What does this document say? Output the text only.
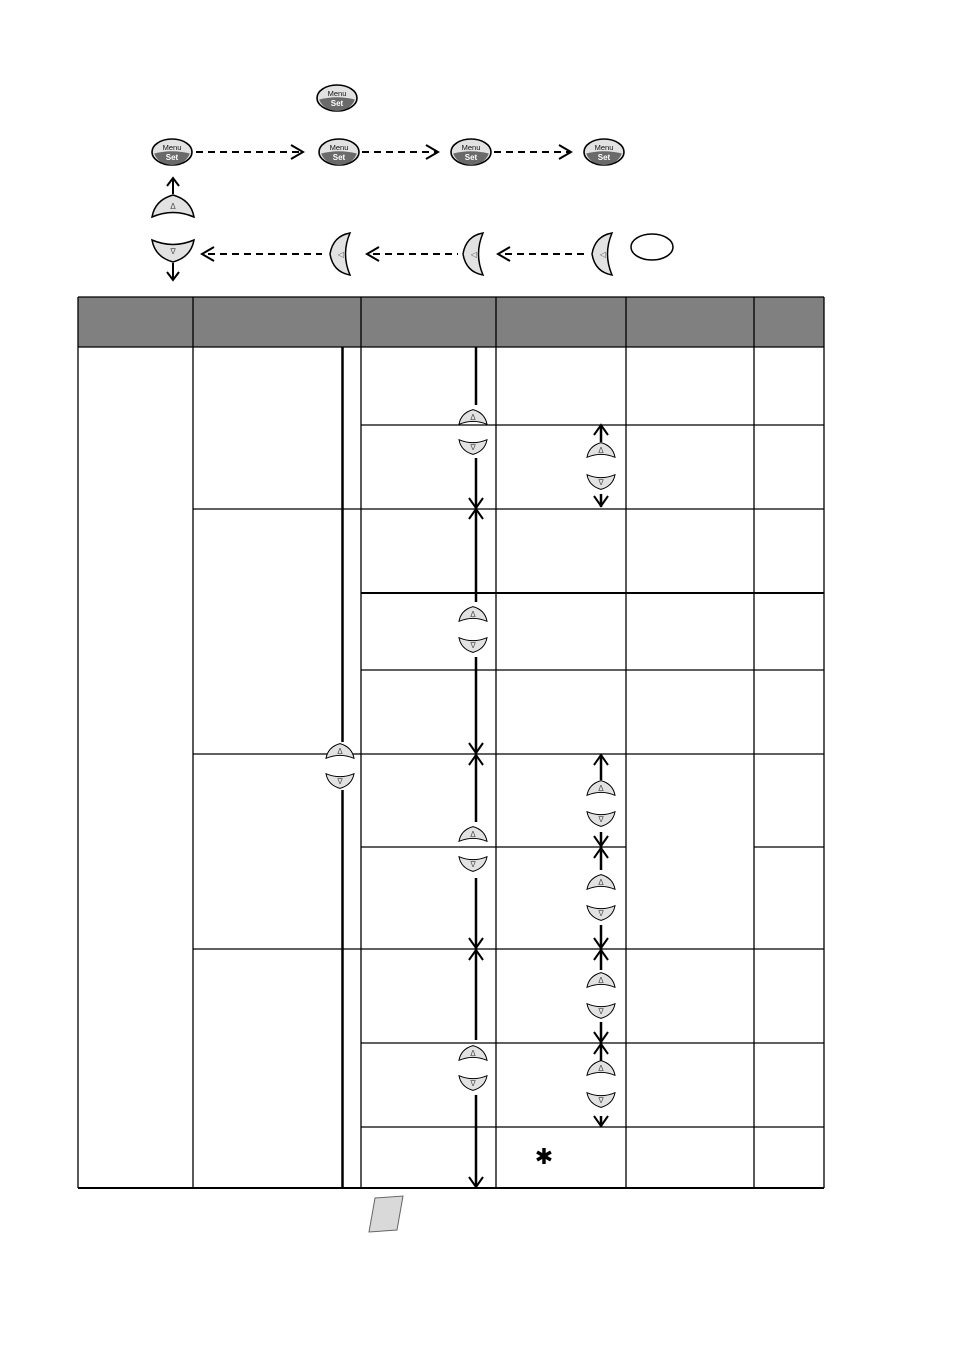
Menu
Set
Menu
Set
Menu
Set
Menu
Set
Menu
Set
Δ
∇	◁	◁	◁
Δ
∇
Δ
∇
Δ
∇
Δ
∇
Δ
∇
Δ
∇
Δ
∇
Δ
∇
Δ
∇
Δ
∇
✱
